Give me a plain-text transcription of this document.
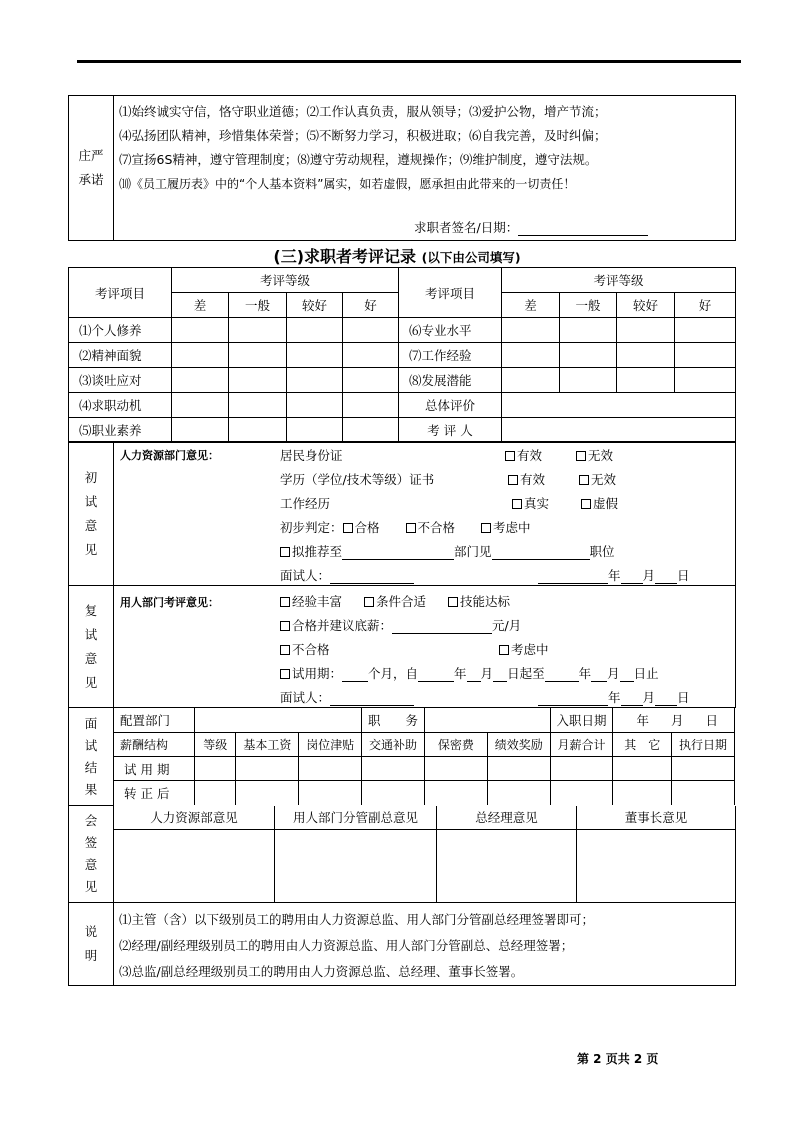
庄严承诺

⑴始终诚实守信，恪守职业道德；⑵工作认真负责，服从领导；⑶爱护公物，增产节流；
⑷弘扬团队精神，珍惜集体荣誉；⑸不断努力学习，积极进取；⑹自我完善，及时纠偏；
⑺宣扬6S精神，遵守管理制度；⑻遵守劳动规程，遵规操作；⑼维护制度，遵守法规。
⑽《员工履历表》中的“个人基本资料”属实，如若虚假，愿承担由此带来的一切责任！
求职者签名/日期：
(三)求职者考评记录 (以下由公司填写)
考评项目	考评等级				考评项目	考评等级			
	差	一般	较好	好		差	一般	较好	好
⑴个人修养					⑹专业水平				
⑵精神面貌					⑺工作经验				
⑶谈吐应对					⑻发展潜能				
⑷求职动机					总体评价				
⑸职业素养					考 评 人				
初试意见

人力资源部门意见：	居民身份证	有效	无效
学历（学位/技术等级）证书	有效	无效
工作经历	真实	虚假
初步判定： 合格	不合格	考虑中
拟推荐至	部门见	职位
面试人：	年 月 日

复试意见

用人部门考评意见：	经验丰富	条件合适	技能达标
合格并建议底薪：	元/月
不合格	考虑中
试用期： 个月，自	年 月 日起至	年 月 日止
面试人：	年 月 日

面试结果

配置部门		职　　务		入职日期	年 月 日
薪酬结构	等级	基本工资	岗位津贴	交通补助	保密费	绩效奖励	月薪合计	其　它	执行日期
试 用 期									
转 正 后									

会签意见

人力资源部意见	用人部门分管副总意见	总经理意见	董事长意见

说明

⑴主管（含）以下级别员工的聘用由人力资源总监、用人部门分管副总经理签署即可；
⑵经理/副经理级别员工的聘用由人力资源总监、用人部门分管副总、总经理签署；
⑶总监/副总经理级别员工的聘用由人力资源总监、总经理、董事长签署。
第 2 页共 2 页
